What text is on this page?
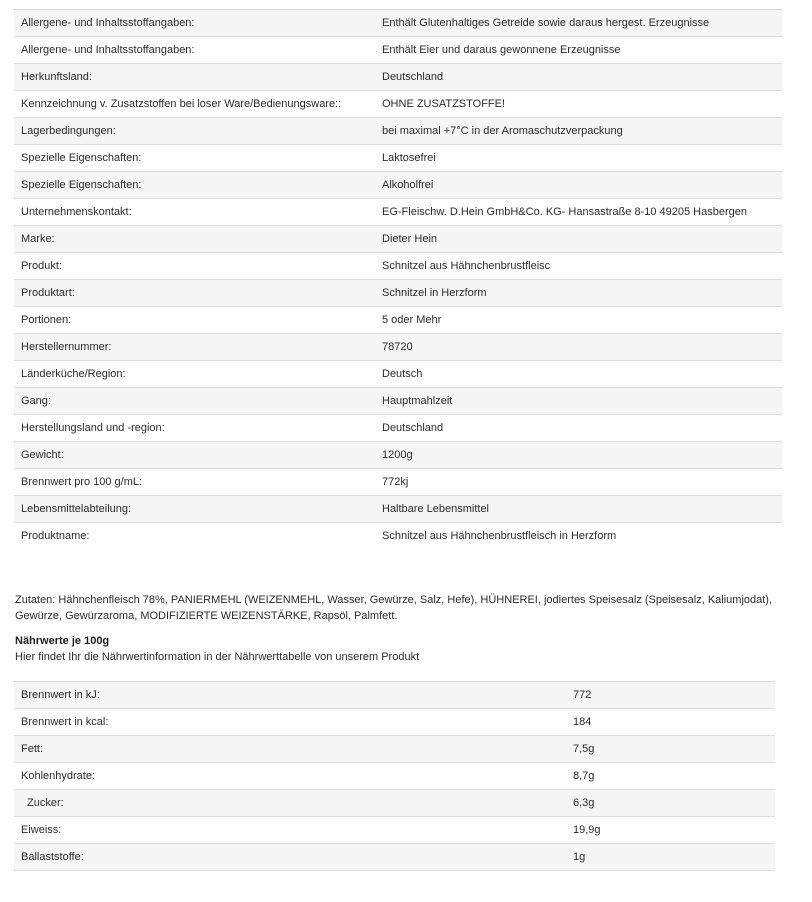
Allergene- und Inhaltsstoffangaben:	Enthält Glutenhaltiges Getreide sowie daraus hergest. Erzeugnisse
Allergene- und Inhaltsstoffangaben:	Enthält Eier und daraus gewonnene Erzeugnisse
Herkunftsland:	Deutschland
Kennzeichnung v. Zusatzstoffen bei loser Ware/Bedienungsware::	OHNE ZUSATZSTOFFE!
Lagerbedingungen:	bei maximal +7°C in der Aromaschutzverpackung
Spezielle Eigenschaften:	Laktosefrei
Spezielle Eigenschaften:	Alkoholfrei
Unternehmenskontakt:	EG-Fleischw. D.Hein GmbH&Co. KG- Hansastraße 8-10 49205 Hasbergen
Marke:	Dieter Hein
Produkt:	Schnitzel aus Hähnchenbrustfleisc
Produktart:	Schnitzel in Herzform
Portionen:	5 oder Mehr
Herstellernummer:	78720
Länderküche/Region:	Deutsch
Gang:	Hauptmahlzeit
Herstellungsland und -region:	Deutschland
Gewicht:	1200g
Brennwert pro 100 g/mL:	772kj
Lebensmittelabteilung:	Haltbare Lebensmittel
Produktname:	Schnitzel aus Hähnchenbrustfleisch in Herzform
Zutaten: Hähnchenfleisch 78%, PANIERMEHL (WEIZENMEHL, Wasser, Gewürze, Salz, Hefe), HÜHNEREI, jodiertes Speisesalz (Speisesalz, Kaliumjodat),
Gewürze, Gewürzaroma, MODIFIZIERTE WEIZENSTÄRKE, Rapsöl, Palmfett.
Nährwerte je 100g
Hier findet Ihr die Nährwertinformation in der Nährwerttabelle von unserem Produkt
Brennwert in kJ:	772
Brennwert in kcal:	184
Fett:	7,5g
Kohlenhydrate:	8,7g
Zucker:	6,3g
Eiweiss:	19,9g
Ballaststoffe:	1g
